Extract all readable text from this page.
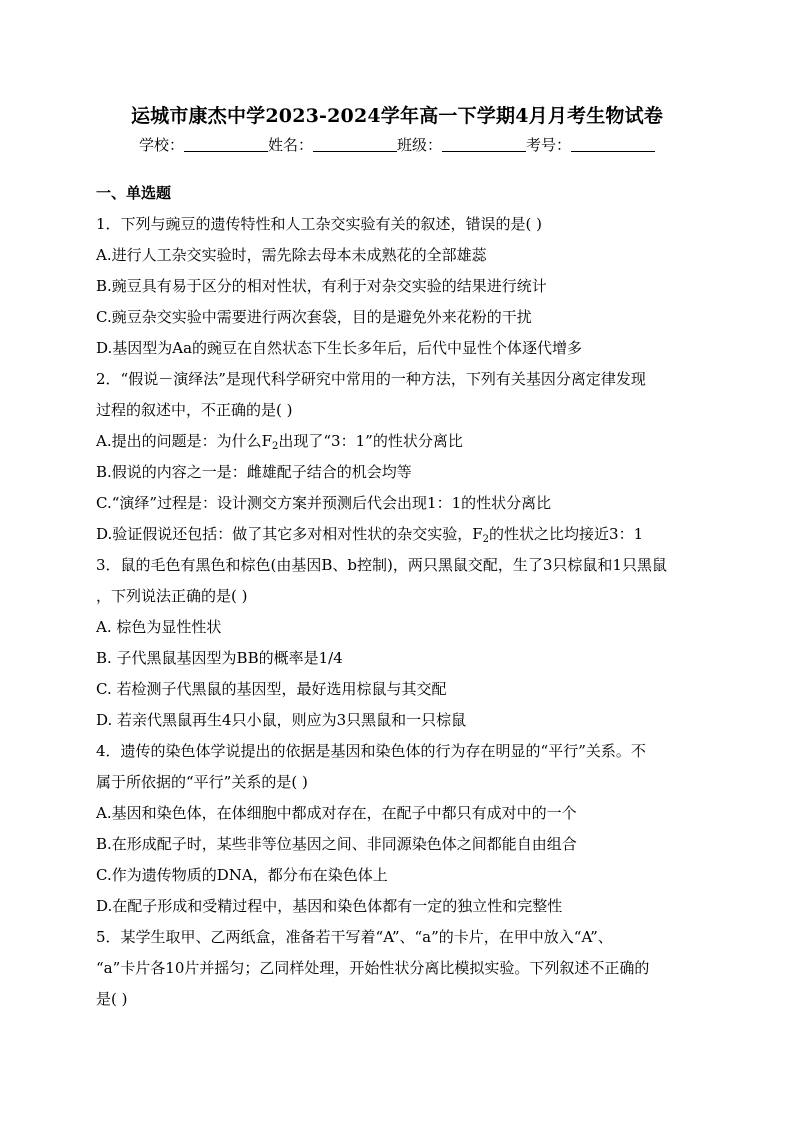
运城市康杰中学2023-2024学年高一下学期4月月考生物试卷
学校：	姓名：	班级：	考号：

一、单选题

1．下列与豌豆的遗传特性和人工杂交实验有关的叙述，错误的是( )

A.进行人工杂交实验时，需先除去母本未成熟花的全部雄蕊

B.豌豆具有易于区分的相对性状，有利于对杂交实验的结果进行统计

C.豌豆杂交实验中需要进行两次套袋，目的是避免外来花粉的干扰

D.基因型为Aa的豌豆在自然状态下生长多年后，后代中显性个体逐代增多

2．“假说－演绎法”是现代科学研究中常用的一种方法，下列有关基因分离定律发现

过程的叙述中，不正确的是( )

A.提出的问题是：为什么$F_2$出现了“3：1”的性状分离比

B.假说的内容之一是：雌雄配子结合的机会均等

C.“演绎”过程是：设计测交方案并预测后代会出现1：1的性状分离比

D.验证假说还包括：做了其它多对相对性状的杂交实验，$F_2$的性状之比均接近3：1

3．鼠的毛色有黑色和棕色(由基因B、b控制)，两只黑鼠交配，生了3只棕鼠和1只黑鼠

，下列说法正确的是( )

A. 棕色为显性性状

B. 子代黑鼠基因型为BB的概率是1/4

C. 若检测子代黑鼠的基因型，最好选用棕鼠与其交配

D. 若亲代黑鼠再生4只小鼠，则应为3只黑鼠和一只棕鼠

4．遗传的染色体学说提出的依据是基因和染色体的行为存在明显的“平行”关系。不

属于所依据的“平行”关系的是( )

A.基因和染色体，在体细胞中都成对存在，在配子中都只有成对中的一个

B.在形成配子时，某些非等位基因之间、非同源染色体之间都能自由组合

C.作为遗传物质的DNA，都分布在染色体上

D.在配子形成和受精过程中，基因和染色体都有一定的独立性和完整性

5．某学生取甲、乙两纸盒，准备若干写着“A”、“a”的卡片，在甲中放入“A”、

“a”卡片各10片并摇匀；乙同样处理，开始性状分离比模拟实验。下列叙述不正确的

是( )
